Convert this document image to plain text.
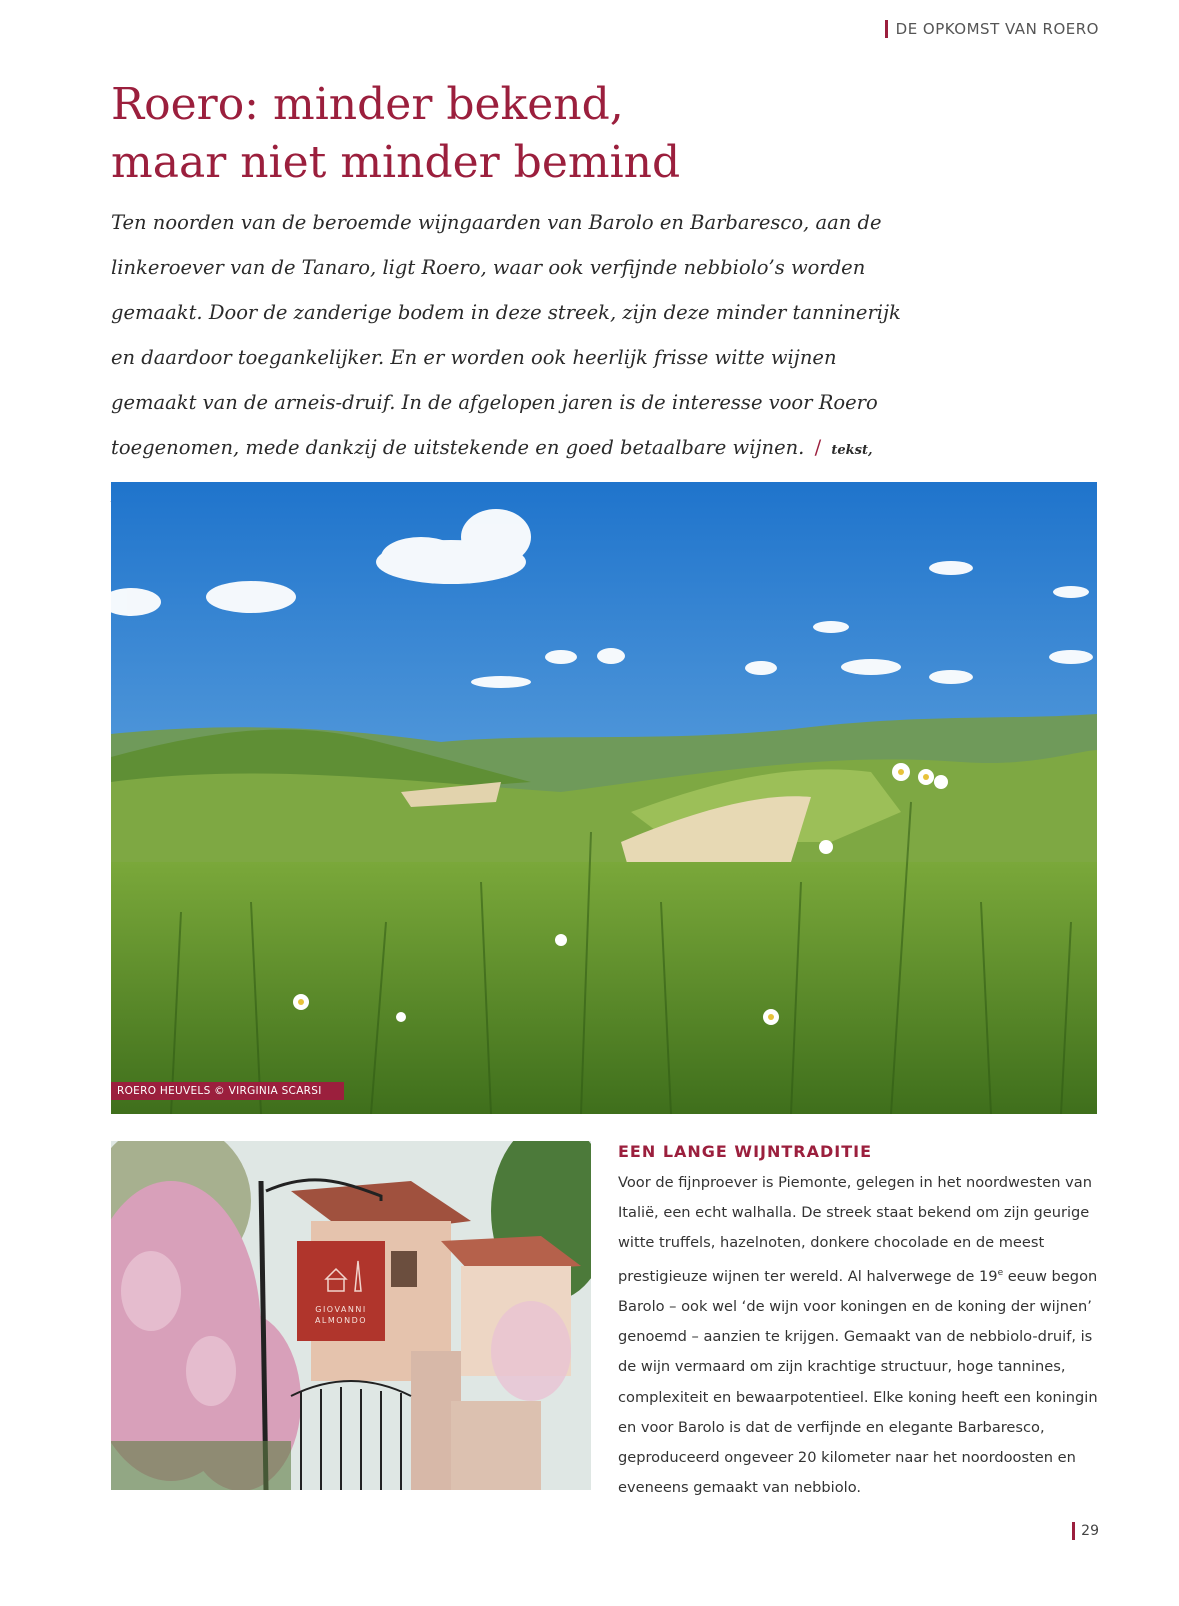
DE OPKOMST VAN ROERO
Roero: minder bekend,
maar niet minder bemind

Ten noorden van de beroemde wijngaarden van Barolo en Barbaresco, aan de linkeroever van de Tanaro, ligt Roero, waar ook verfijnde nebbiolo’s worden gemaakt. Door de zanderige bodem in deze streek, zijn deze minder tanninerijk en daardoor toegankelijker. En er worden ook heerlijk frisse witte wijnen gemaakt van de arneis-druif. In de afgelopen jaren is de interesse voor Roero toegenomen, mede dankzij de uitstekende en goed betaalbare wijnen. / tekst,

ROERO HEUVELS © VIRGINIA SCARSI
GIOVANNI
ALMONDO
EEN LANGE WIJNTRADITIE

Voor de fijnproever is Piemonte, gelegen in het noordwesten van Italië, een echt walhalla. De streek staat bekend om zijn geurige witte truffels, hazelnoten, donkere chocolade en de meest prestigieuze wijnen ter wereld. Al halverwege de 19e eeuw begon Barolo – ook wel ‘de wijn voor koningen en de koning der wijnen’ genoemd – aanzien te krijgen. Gemaakt van de nebbiolo-druif, is de wijn vermaard om zijn krachtige structuur, hoge tannines, complexiteit en bewaarpotentieel. Elke koning heeft een koningin en voor Barolo is dat de verfijnde en elegante Barbaresco, geproduceerd ongeveer 20 kilometer naar het noordoosten en eveneens gemaakt van nebbiolo.

29
